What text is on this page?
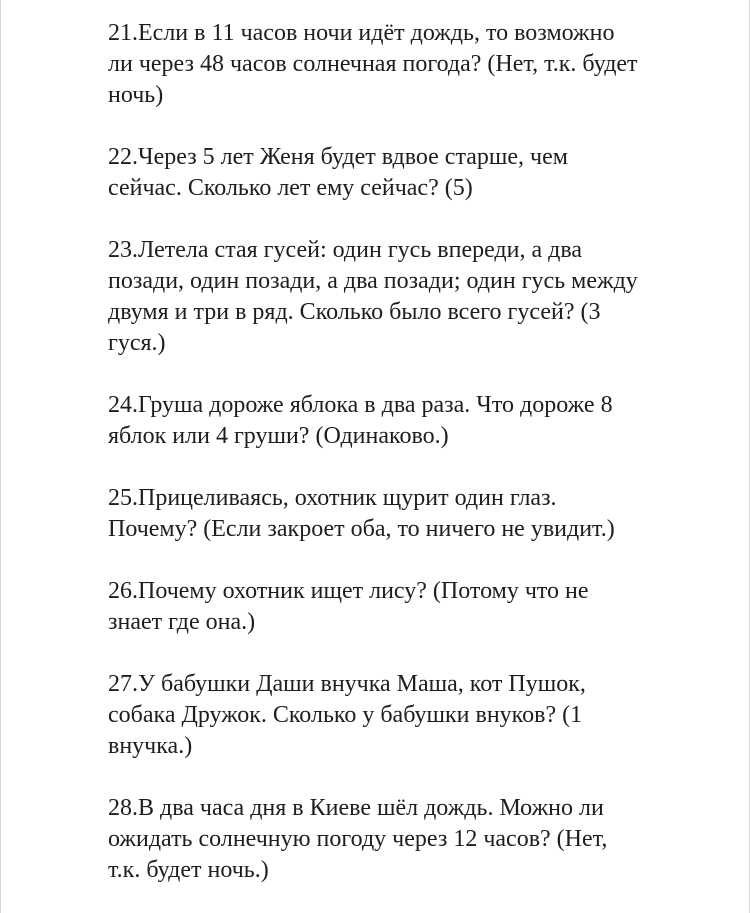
21.Если в 11 часов ночи идёт дождь, то возможно

ли через 48 часов солнечная погода? (Нет, т.к. будет

ночь)

22.Через 5 лет Женя будет вдвое старше, чем

сейчас. Сколько лет ему сейчас? (5)

23.Летела стая гусей: один гусь впереди, а два

позади, один позади, а два позади; один гусь между

двумя и три в ряд. Сколько было всего гусей? (3

гуся.)

24.Груша дороже яблока в два раза. Что дороже 8

яблок или 4 груши? (Одинаково.)

25.Прицеливаясь, охотник щурит один глаз.

Почему? (Если закроет оба, то ничего не увидит.)

26.Почему охотник ищет лису? (Потому что не

знает где она.)

27.У бабушки Даши внучка Маша, кот Пушок,

собака Дружок. Сколько у бабушки внуков? (1

внучка.)

28.В два часа дня в Киеве шёл дождь. Можно ли

ожидать солнечную погоду через 12 часов? (Нет,

т.к. будет ночь.)
